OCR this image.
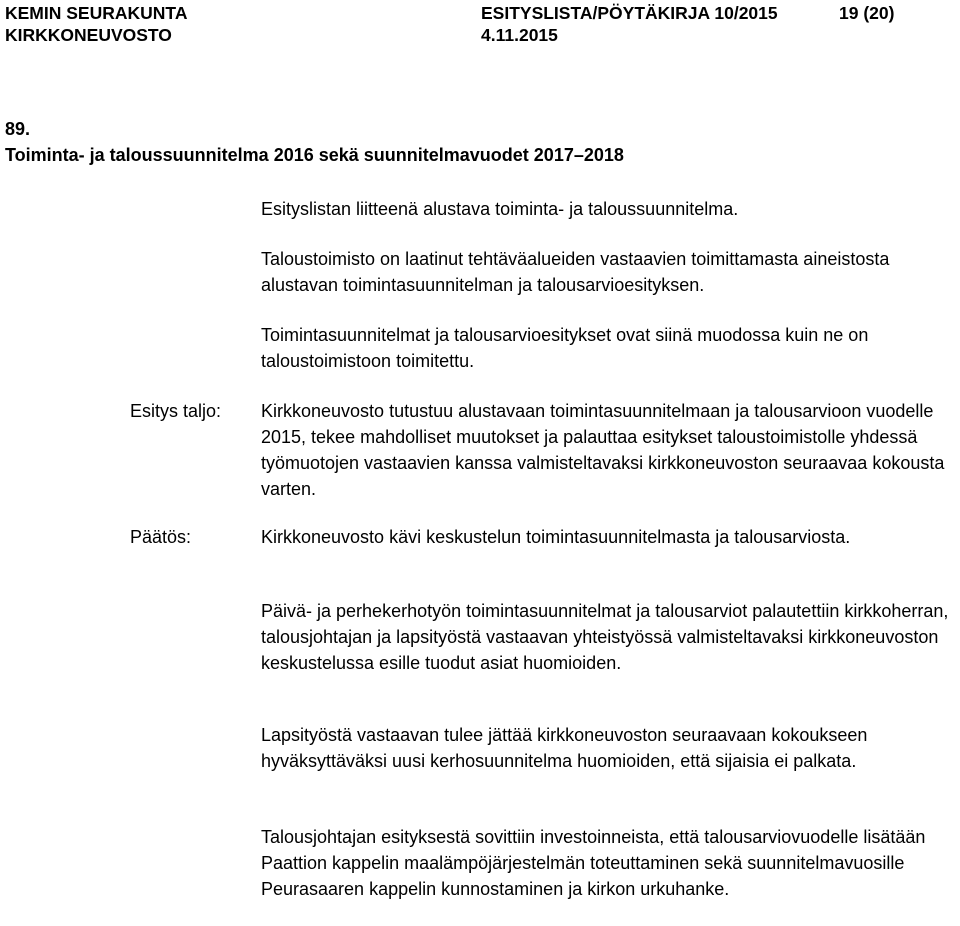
KEMIN SEURAKUNTA
KIRKKONEUVOSTO
ESITYSLISTA/PÖYTÄKIRJA 10/2015
4.11.2015
19 (20)
89.
Toiminta- ja taloussuunnitelma 2016 sekä suunnitelmavuodet 2017–2018

Esityslistan liitteenä alustava toiminta- ja taloussuunnitelma.

Taloustoimisto on laatinut tehtäväalueiden vastaavien toimittamasta aineistosta alustavan toimintasuunnitelman ja talousarvioesityksen.

Toimintasuunnitelmat ja talousarvioesitykset ovat siinä muodossa kuin ne on taloustoimistoon toimitettu.

Esitys taljo: Kirkkoneuvosto tutustuu alustavaan toimintasuunnitelmaan ja talousarvioon vuodelle 2015, tekee mahdolliset muutokset ja palauttaa esitykset taloustoimistolle yhdessä työmuotojen vastaavien kanssa valmisteltavaksi kirkkoneuvoston seuraavaa kokousta varten.

Päätös:	Kirkkoneuvosto kävi keskustelun toimintasuunnitelmasta ja talousarviosta.

Päivä- ja perhekerhotyön toimintasuunnitelmat ja talousarviot palautettiin kirkkoherran, talousjohtajan ja lapsityöstä vastaavan yhteistyössä valmisteltavaksi kirkkoneuvoston keskustelussa esille tuodut asiat huomioiden.

Lapsityöstä vastaavan tulee jättää kirkkoneuvoston seuraavaan kokoukseen hyväksyttäväksi uusi kerhosuunnitelma huomioiden, että sijaisia ei palkata.

Talousjohtajan esityksestä sovittiin investoinneista, että talousarviovuodelle lisätään Paattion kappelin maalämpöjärjestelmän toteuttaminen sekä suunnitelmavuosille Peurasaaren kappelin kunnostaminen ja kirkon urkuhanke.
